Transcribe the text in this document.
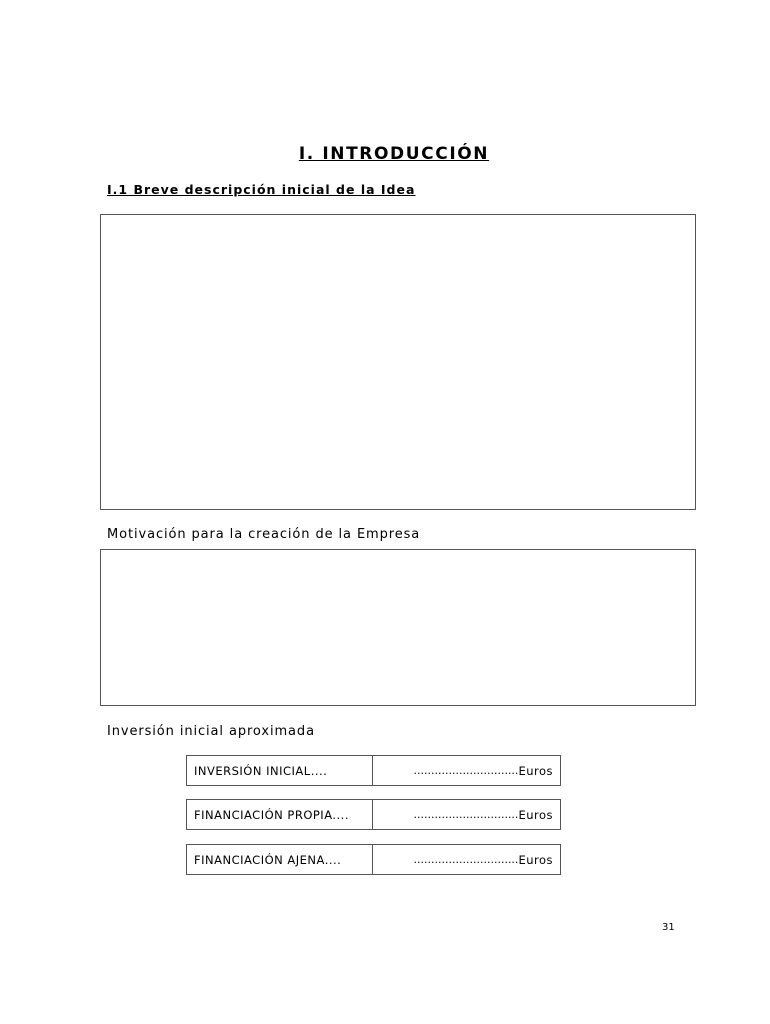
I. INTRODUCCIÓN
I.1 Breve descripción inicial de la Idea

Motivación para la creación de la Empresa

Inversión inicial aproximada

INVERSIÓN INICIAL....	.............................. Euros
FINANCIACIÓN PROPIA....	.............................. Euros
FINANCIACIÓN AJENA....	.............................. Euros

31
